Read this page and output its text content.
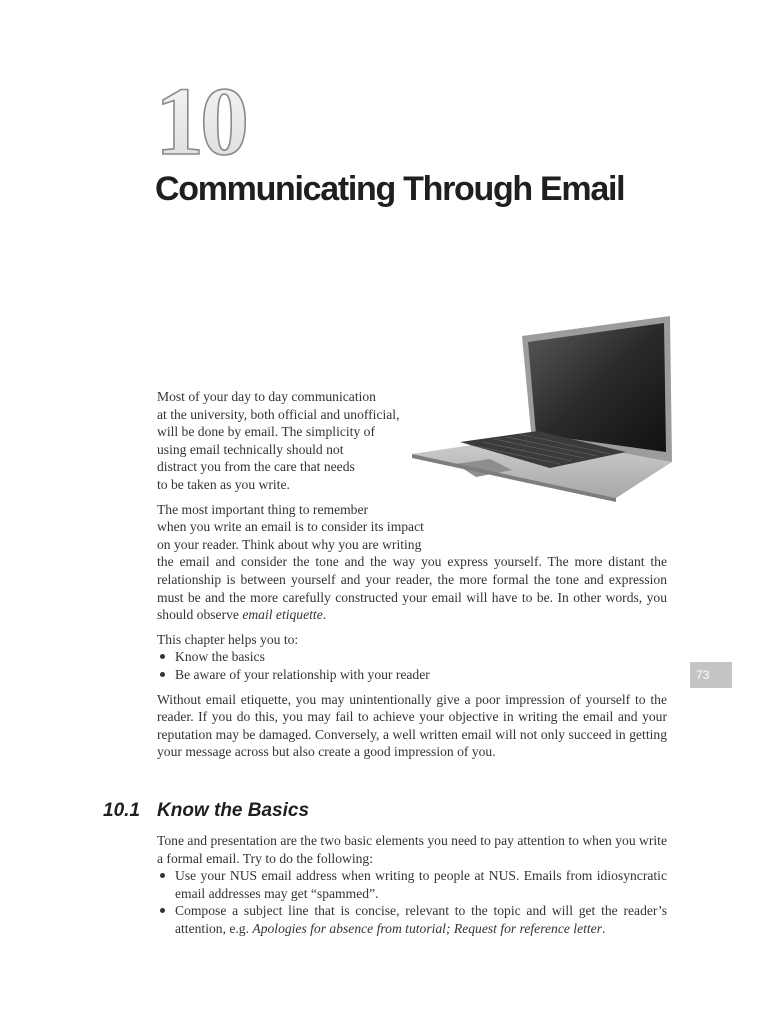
10
Communicating Through Email

Most of your day to day communication
at the university, both official and unofficial,
will be done by email. The simplicity of
using email technically should not
distract you from the care that needs
to be taken as you write.

The most important thing to remember
when you write an email is to consider its impact
on your reader. Think about why you are writing

the email and consider the tone and the way you express yourself. The more distant the relationship is between yourself and your reader, the more formal the tone and expression must be and the more carefully constructed your email will have to be. In other words, you should observe email etiquette.

This chapter helps you to:

Know the basics
Be aware of your relationship with your reader

Without email etiquette, you may unintentionally give a poor impression of yourself to the reader. If you do this, you may fail to achieve your objective in writing the email and your reputation may be damaged. Conversely, a well written email will not only succeed in getting your message across but also create a good impression of you.

73
10.1 Know the Basics

Tone and presentation are the two basic elements you need to pay attention to when you write a formal email. Try to do the following:

Use your NUS email address when writing to people at NUS. Emails from idiosyncratic email addresses may get “spammed”.
Compose a subject line that is concise, relevant to the topic and will get the reader’s attention, e.g. Apologies for absence from tutorial; Request for reference letter.
